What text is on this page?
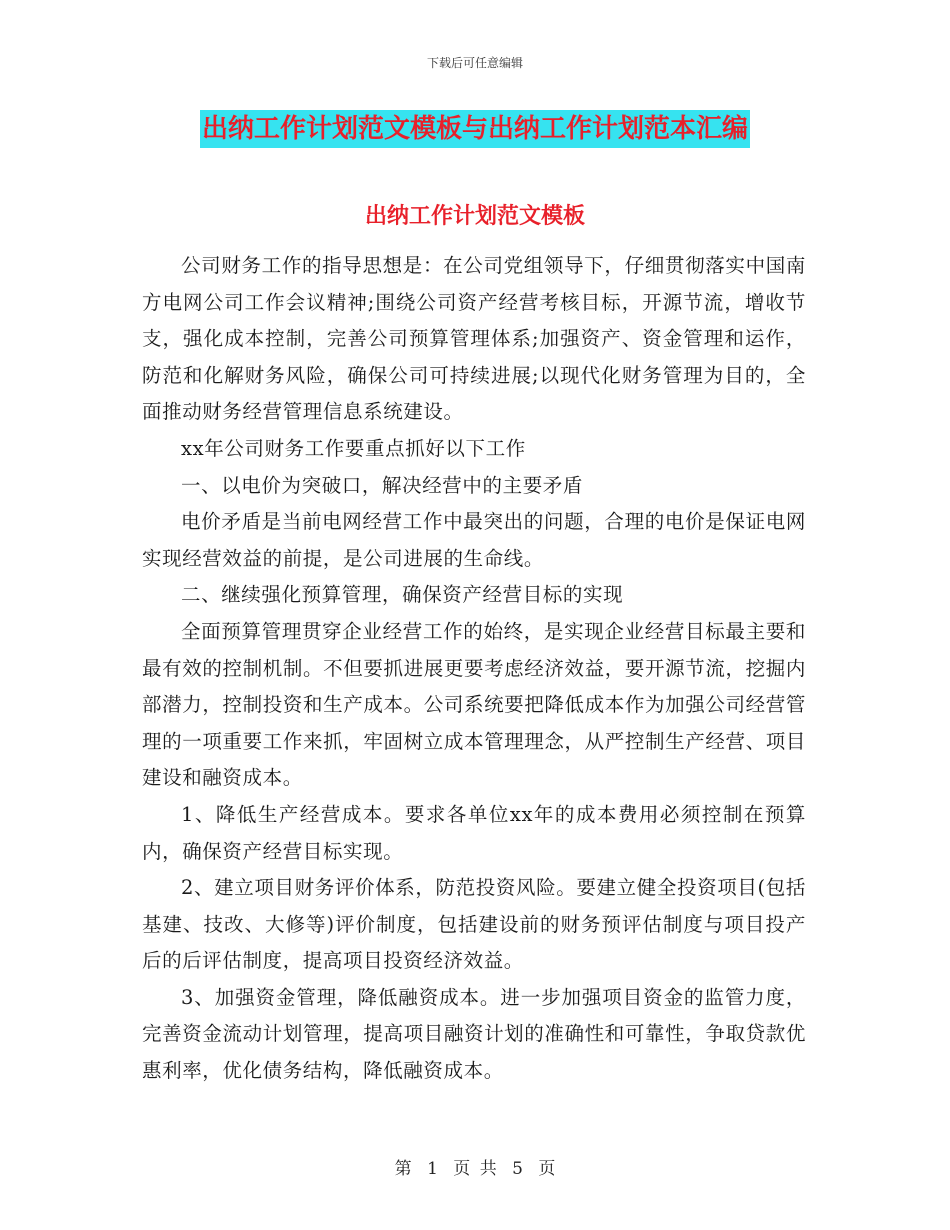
下载后可任意编辑
出纳工作计划范文模板与出纳工作计划范本汇编
出纳工作计划范文模板

公司财务工作的指导思想是：在公司党组领导下，仔细贯彻落实中国南方电网公司工作会议精神;围绕公司资产经营考核目标，开源节流，增收节支，强化成本控制，完善公司预算管理体系;加强资产、资金管理和运作，防范和化解财务风险，确保公司可持续进展;以现代化财务管理为目的，全面推动财务经营管理信息系统建设。

xx年公司财务工作要重点抓好以下工作

一、以电价为突破口，解决经营中的主要矛盾

电价矛盾是当前电网经营工作中最突出的问题，合理的电价是保证电网实现经营效益的前提，是公司进展的生命线。

二、继续强化预算管理，确保资产经营目标的实现

全面预算管理贯穿企业经营工作的始终，是实现企业经营目标最主要和最有效的控制机制。不但要抓进展更要考虑经济效益，要开源节流，挖掘内部潜力，控制投资和生产成本。公司系统要把降低成本作为加强公司经营管理的一项重要工作来抓，牢固树立成本管理理念，从严控制生产经营、项目建设和融资成本。

1、降低生产经营成本。要求各单位xx年的成本费用必须控制在预算内，确保资产经营目标实现。

2、建立项目财务评价体系，防范投资风险。要建立健全投资项目(包括基建、技改、大修等)评价制度，包括建设前的财务预评估制度与项目投产后的后评估制度，提高项目投资经济效益。

3、加强资金管理，降低融资成本。进一步加强项目资金的监管力度，完善资金流动计划管理，提高项目融资计划的准确性和可靠性，争取贷款优惠利率，优化债务结构，降低融资成本。

第 1 页 共 5 页
